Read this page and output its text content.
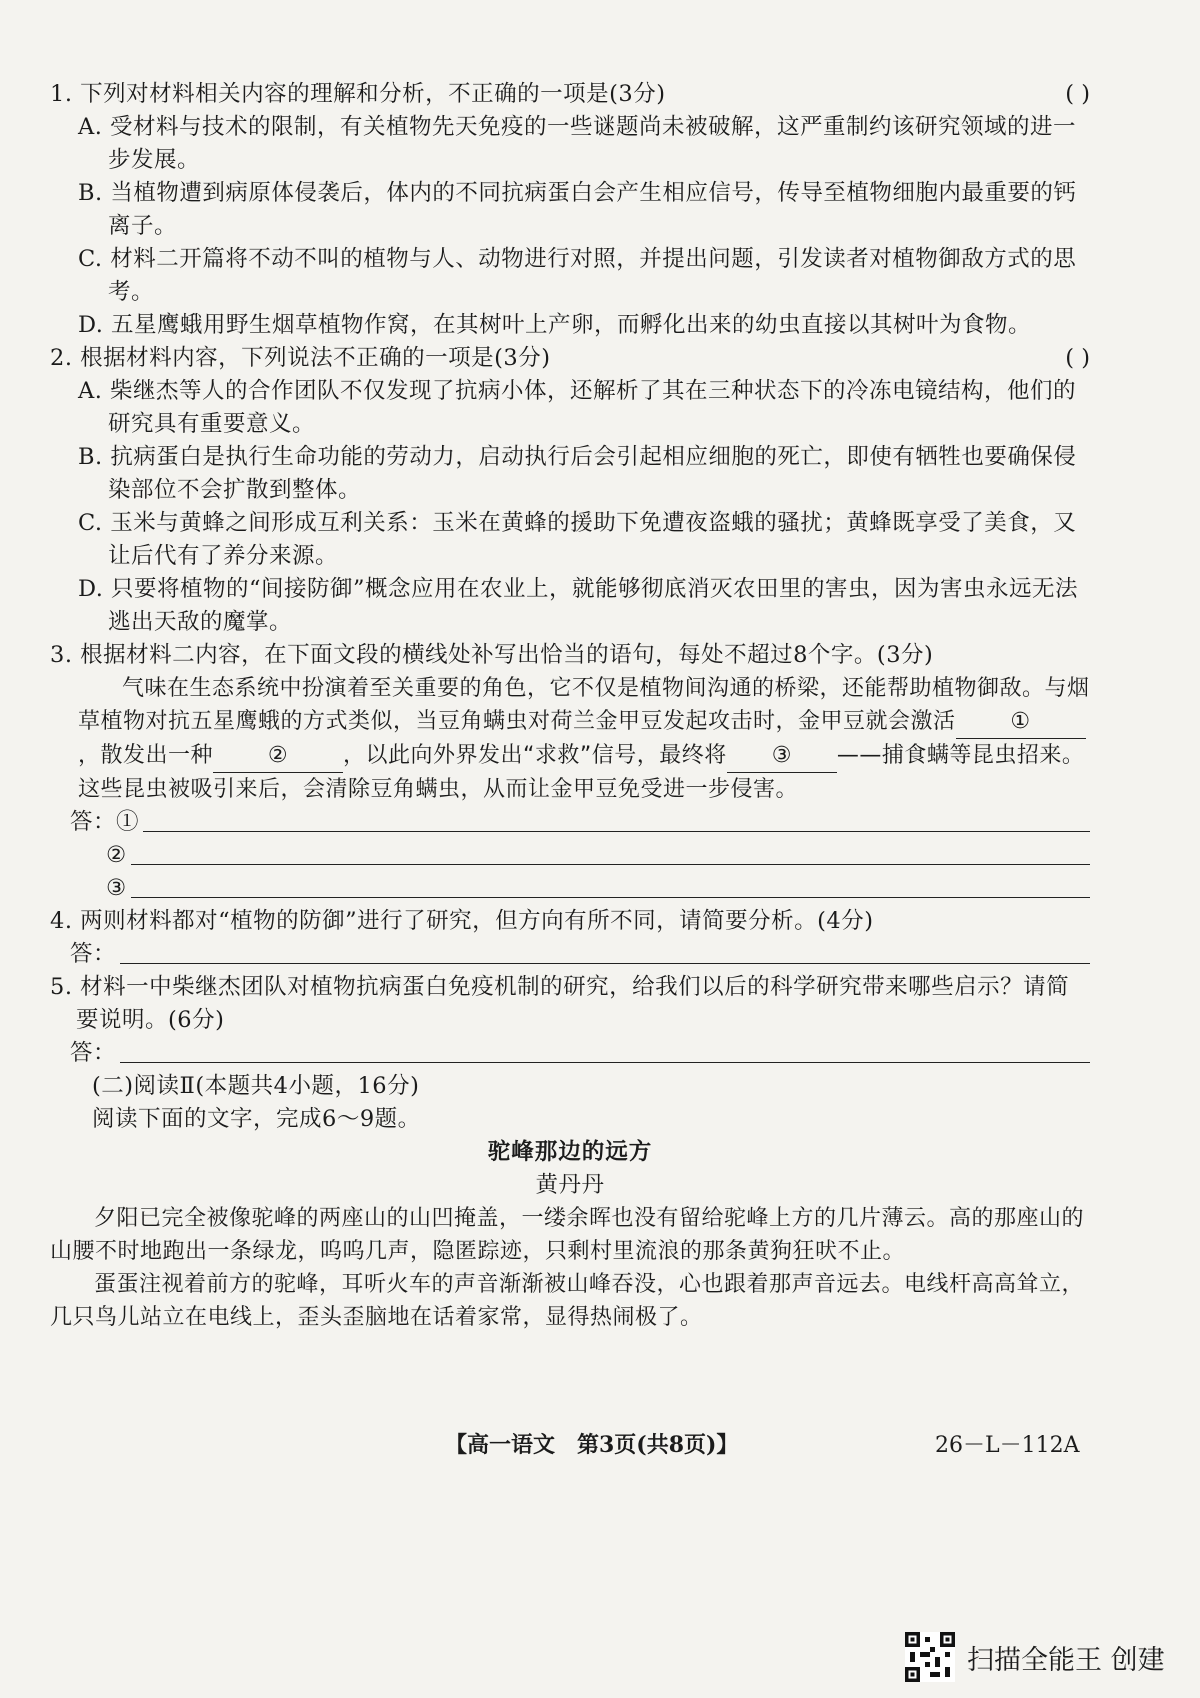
1. 下列对材料相关内容的理解和分析，不正确的一项是(3分)	( )

A. 受材料与技术的限制，有关植物先天免疫的一些谜题尚未被破解，这严重制约该研究领域的进一步发展。

B. 当植物遭到病原体侵袭后，体内的不同抗病蛋白会产生相应信号，传导至植物细胞内最重要的钙离子。

C. 材料二开篇将不动不叫的植物与人、动物进行对照，并提出问题，引发读者对植物御敌方式的思考。

D. 五星鹰蛾用野生烟草植物作窝，在其树叶上产卵，而孵化出来的幼虫直接以其树叶为食物。

2. 根据材料内容，下列说法不正确的一项是(3分)	( )

A. 柴继杰等人的合作团队不仅发现了抗病小体，还解析了其在三种状态下的冷冻电镜结构，他们的研究具有重要意义。

B. 抗病蛋白是执行生命功能的劳动力，启动执行后会引起相应细胞的死亡，即使有牺牲也要确保侵染部位不会扩散到整体。

C. 玉米与黄蜂之间形成互利关系：玉米在黄蜂的援助下免遭夜盗蛾的骚扰；黄蜂既享受了美食，又让后代有了养分来源。

D. 只要将植物的“间接防御”概念应用在农业上，就能够彻底消灭农田里的害虫，因为害虫永远无法逃出天敌的魔掌。

3. 根据材料二内容，在下面文段的横线处补写出恰当的语句，每处不超过8个字。(3分)

气味在生态系统中扮演着至关重要的角色，它不仅是植物间沟通的桥梁，还能帮助植物御敌。与烟草植物对抗五星鹰蛾的方式类似，当豆角螨虫对荷兰金甲豆发起攻击时，金甲豆就会激活 ①，散发出一种 ② ，以此向外界发出“求救”信号，最终将 ③ ——捕食螨等昆虫招来。这些昆虫被吸引来后，会清除豆角螨虫，从而让金甲豆免受进一步侵害。

答：①
②
③
4. 两则材料都对“植物的防御”进行了研究，但方向有所不同，请简要分析。(4分)
答：
5. 材料一中柴继杰团队对植物抗病蛋白免疫机制的研究，给我们以后的科学研究带来哪些启示？请简要说明。(6分)
答：

(二)阅读Ⅱ(本题共4小题，16分)

阅读下面的文字，完成6～9题。

驼峰那边的远方

黄丹丹

夕阳已完全被像驼峰的两座山的山凹掩盖，一缕余晖也没有留给驼峰上方的几片薄云。高的那座山的山腰不时地跑出一条绿龙，呜呜几声，隐匿踪迹，只剩村里流浪的那条黄狗狂吠不止。

蛋蛋注视着前方的驼峰，耳听火车的声音渐渐被山峰吞没，心也跟着那声音远去。电线杆高高耸立，几只鸟儿站立在电线上，歪头歪脑地在话着家常，显得热闹极了。

【高一语文　第3页(共8页)】	26－L－112A
扫描全能王 创建
